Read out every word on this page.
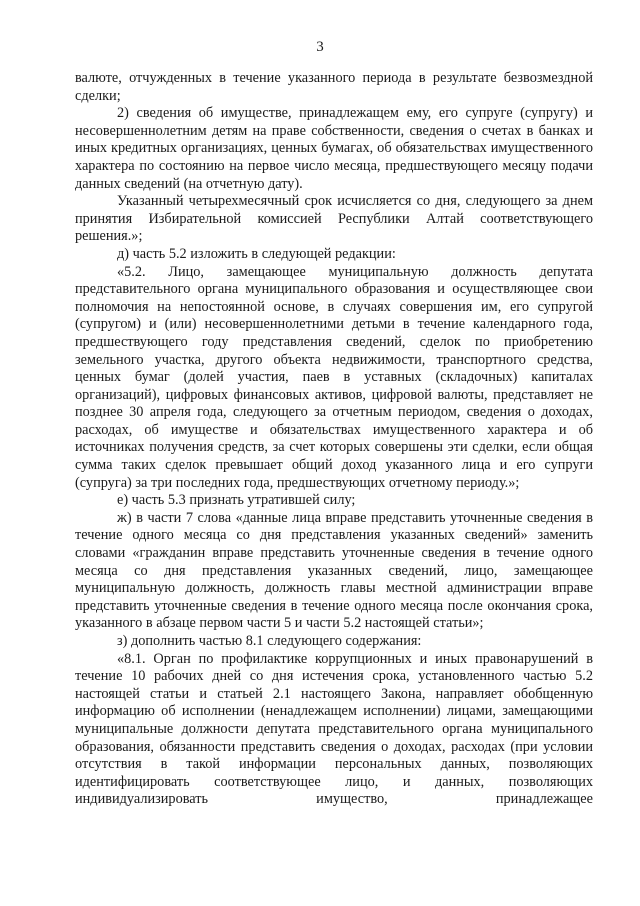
3

валюте, отчужденных в течение указанного периода в результате безвозмездной сделки;

2) сведения об имуществе, принадлежащем ему, его супруге (супругу) и несовершеннолетним детям на праве собственности, сведения о счетах в банках и иных кредитных организациях, ценных бумагах, об обязательствах имущественного характера по состоянию на первое число месяца, предшествующего месяцу подачи данных сведений (на отчетную дату).

Указанный четырехмесячный срок исчисляется со дня, следующего за днем принятия Избирательной комиссией Республики Алтай соответствующего решения.»;

д) часть 5.2 изложить в следующей редакции:

«5.2. Лицо, замещающее муниципальную должность депутата представительного органа муниципального образования и осуществляющее свои полномочия на непостоянной основе, в случаях совершения им, его супругой (супругом) и (или) несовершеннолетними детьми в течение календарного года, предшествующего году представления сведений, сделок по приобретению земельного участка, другого объекта недвижимости, транспортного средства, ценных бумаг (долей участия, паев в уставных (складочных) капиталах организаций), цифровых финансовых активов, цифровой валюты, представляет не позднее 30 апреля года, следующего за отчетным периодом, сведения о доходах, расходах, об имуществе и обязательствах имущественного характера и об источниках получения средств, за счет которых совершены эти сделки, если общая сумма таких сделок превышает общий доход указанного лица и его супруги (супруга) за три последних года, предшествующих отчетному периоду.»;

е) часть 5.3 признать утратившей силу;

ж) в части 7 слова «данные лица вправе представить уточненные сведения в течение одного месяца со дня представления указанных сведений» заменить словами «гражданин вправе представить уточненные сведения в течение одного месяца со дня представления указанных сведений, лицо, замещающее муниципальную должность, должность главы местной администрации вправе представить уточненные сведения в течение одного месяца после окончания срока, указанного в абзаце первом части 5 и части 5.2 настоящей статьи»;

з) дополнить частью 8.1 следующего содержания:

«8.1. Орган по профилактике коррупционных и иных правонарушений в течение 10 рабочих дней со дня истечения срока, установленного частью 5.2 настоящей статьи и статьей 2.1 настоящего Закона, направляет обобщенную информацию об исполнении (ненадлежащем исполнении) лицами, замещающими муниципальные должности депутата представительного органа муниципального образования, обязанности представить сведения о доходах, расходах (при условии отсутствия в такой информации персональных данных, позволяющих идентифицировать соответствующее лицо, и данных, позволяющих индивидуализировать имущество, принадлежащее
